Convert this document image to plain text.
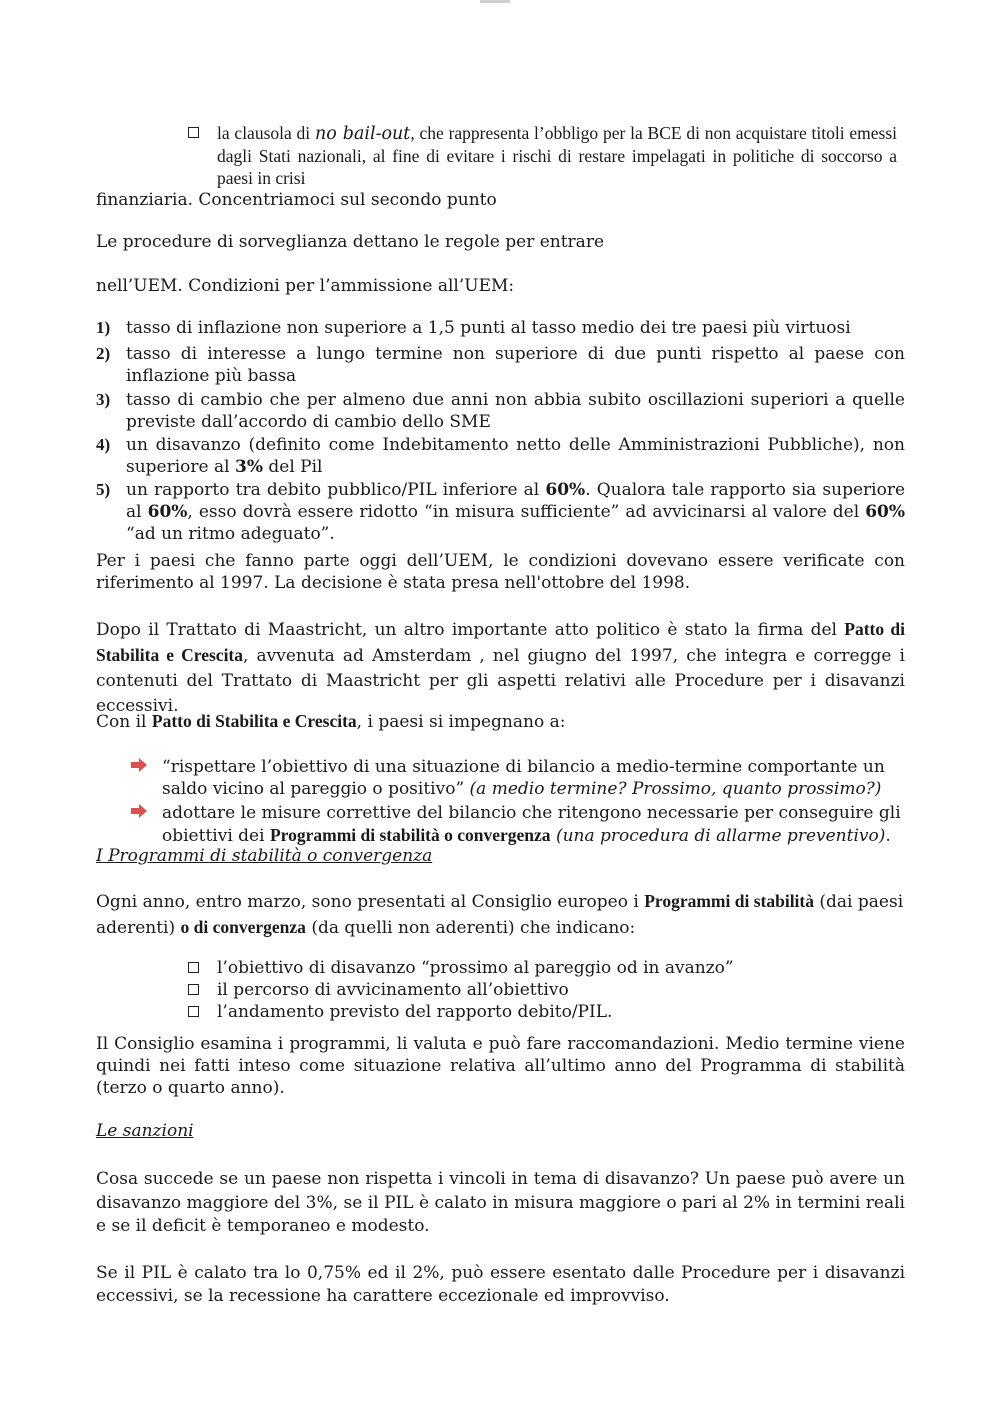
la clausola di no bail-out, che rappresenta l’obbligo per la BCE di non acquistare titoli emessi dagli Stati nazionali, al fine di evitare i rischi di restare impelagati in politiche di soccorso a paesi in crisi

finanziaria. Concentriamoci sul secondo punto

Le procedure di sorveglianza dettano le regole per entrare

nell’UEM. Condizioni per l’ammissione all’UEM:

1) tasso di inflazione non superiore a 1,5 punti al tasso medio dei tre paesi più virtuosi
2) tasso di interesse a lungo termine non superiore di due punti rispetto al paese con inflazione più bassa
3) tasso di cambio che per almeno due anni non abbia subito oscillazioni superiori a quelle previste dall’accordo di cambio dello SME
4) un disavanzo (definito come Indebitamento netto delle Amministrazioni Pubbliche), non superiore al 3% del Pil
5) un rapporto tra debito pubblico/PIL inferiore al 60%. Qualora tale rapporto sia superiore al 60%, esso dovrà essere ridotto “in misura sufficiente” ad avvicinarsi al valore del 60% “ad un ritmo adeguato”.

Per i paesi che fanno parte oggi dell’UEM, le condizioni dovevano essere verificate con riferimento al 1997. La decisione è stata presa nell'ottobre del 1998.

Dopo il Trattato di Maastricht, un altro importante atto politico è stato la firma del Patto di Stabilita e Crescita, avvenuta ad Amsterdam , nel giugno del 1997, che integra e corregge i contenuti del Trattato di Maastricht per gli aspetti relativi alle Procedure per i disavanzi eccessivi.

Con il Patto di Stabilita e Crescita, i paesi si impegnano a:

“rispettare l’obiettivo di una situazione di bilancio a medio-termine comportante un saldo vicino al pareggio o positivo” (a medio termine? Prossimo, quanto prossimo?)
adottare le misure correttive del bilancio che ritengono necessarie per conseguire gli obiettivi dei Programmi di stabilità o convergenza (una procedura di allarme preventivo).

I Programmi di stabilità o convergenza

Ogni anno, entro marzo, sono presentati al Consiglio europeo i Programmi di stabilità (dai paesi aderenti) o di convergenza (da quelli non aderenti) che indicano:

l’obiettivo di disavanzo “prossimo al pareggio od in avanzo”
il percorso di avvicinamento all’obiettivo
l’andamento previsto del rapporto debito/PIL.

Il Consiglio esamina i programmi, li valuta e può fare raccomandazioni. Medio termine viene quindi nei fatti inteso come situazione relativa all’ultimo anno del Programma di stabilità (terzo o quarto anno).

Le sanzioni

Cosa succede se un paese non rispetta i vincoli in tema di disavanzo? Un paese può avere un disavanzo maggiore del 3%, se il PIL è calato in misura maggiore o pari al 2% in termini reali e se il deficit è temporaneo e modesto.

Se il PIL è calato tra lo 0,75% ed il 2%, può essere esentato dalle Procedure per i disavanzi eccessivi, se la recessione ha carattere eccezionale ed improvviso.
